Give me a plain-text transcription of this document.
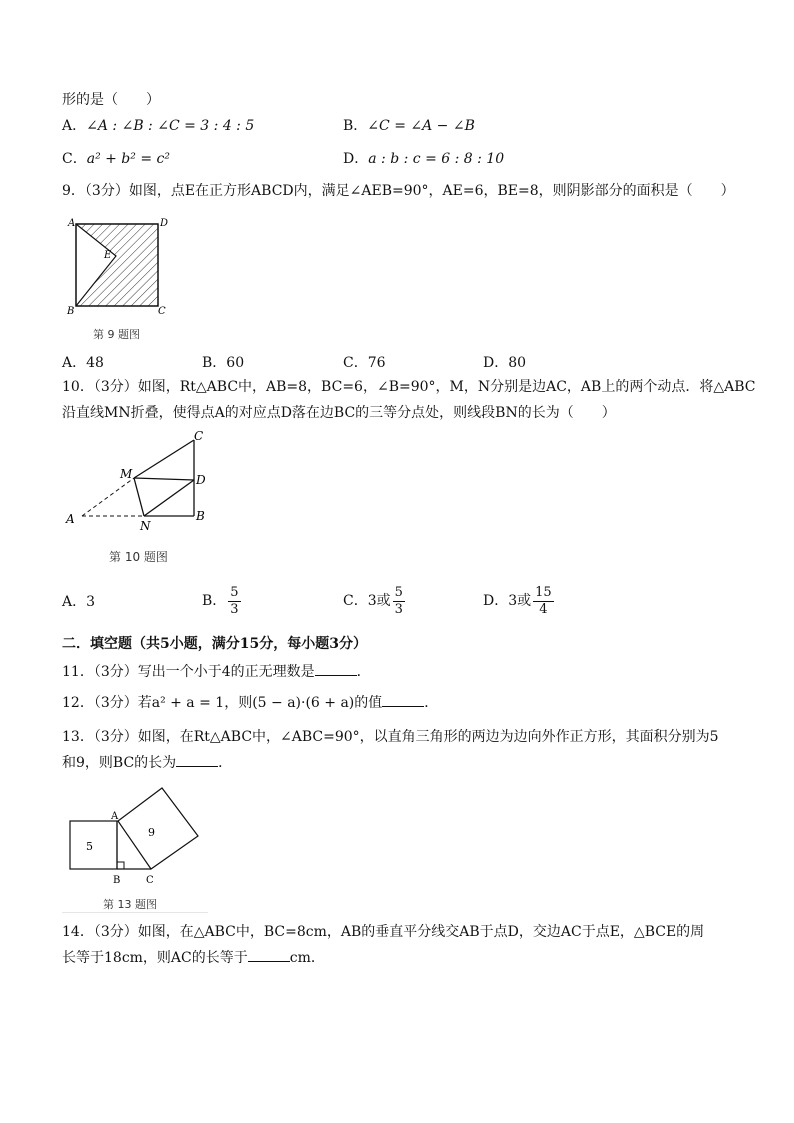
形的是（　　）
A．∠A : ∠B : ∠C = 3 : 4 : 5	B．∠C = ∠A − ∠B
C．a² + b² = c²	D．a : b : c = 6 : 8 : 10
9．（3分）如图，点E在正方形ABCD内，满足∠AEB=90°，AE=6，BE=8，则阴影部分的面积是（　　）
A	D
B	C
E
第 9 题图
A．48	B．60	C．76	D．80
10．（3分）如图，Rt△ABC中，AB=8，BC=6，∠B=90°，M，N分别是边AC，AB上的两个动点．将△ABC
沿直线MN折叠，使得点A的对应点D落在边BC的三等分点处，则线段BN的长为（　　）
A
M
N
C
D
B
第 10 题图
A．3	B． $\frac{5}{3}$	C．3或 $\frac{5}{3}$	D．3或 $\frac{15}{4}$
二．填空题（共5小题，满分15分，每小题3分）
11．（3分）写出一个小于4的正无理数是	．
12．（3分）若a² + a = 1，则(5 − a)·(6 + a)的值	．
13．（3分）如图，在Rt△ABC中，∠ABC=90°，以直角三角形的两边为边向外作正方形，其面积分别为5
和9，则BC的长为	．
5
9
A
B	C
第 13 题图
14．（3分）如图，在△ABC中，BC=8cm，AB的垂直平分线交AB于点D，交边AC于点E，△BCE的周
长等于18cm，则AC的长等于	cm．
